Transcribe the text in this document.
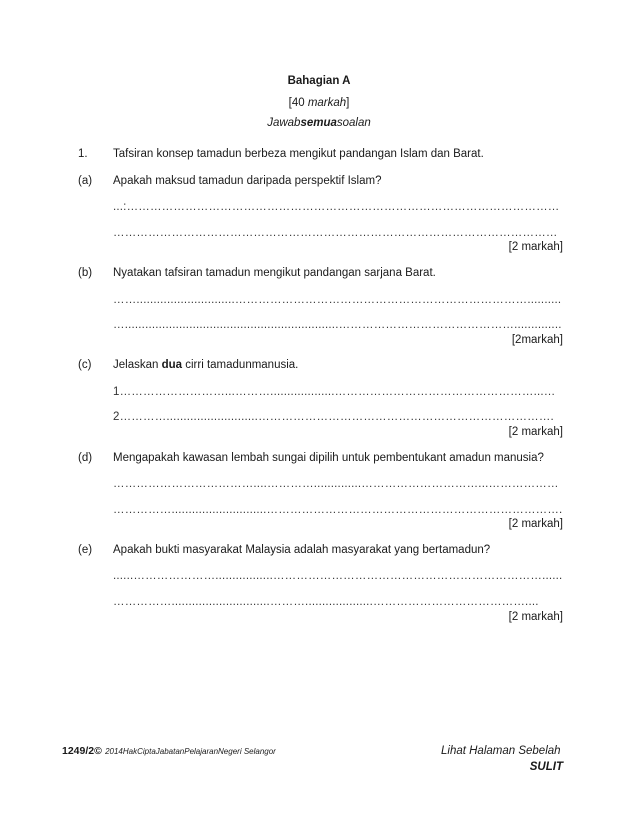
Bahagian A
[40 markah]
Jawabsemuasoalan
1. Tafsiran konsep tamadun berbeza mengikut pandangan Islam dan Barat.
(a) Apakah maksud tamadun daripada perspektif Islam?
...:…………………………………………………………………………………………………
……………………………………………………………………………………………………
[2 markah]
(b) Nyatakan tafsiran tamadun mengikut pandangan sarjana Barat.
…….............................…………………………………………………………………..........
…...............................................................………………………………………..............
[2markah]
(c) Jelaskan dua cirri tamadunmanusia.
1………………………...………...................……………………………………………...…
2…………...........................………………………………………………………………….
[2 markah]
(d) Mengapakah kawasan lembah sungai dipilih untuk pembentukant amadun manusia?
………………………………....…………..............…………………………...………………
……………............................………………………………………………………………….
[2 markah]
(e) Apakah bukti masyarakat Malaysia adalah masyarakat yang bertamadun?
......………………….................……………………………………………………………......
…………….............................………....................…………………………………....
[2 markah]
1249/2© 2014HakCiptaJabatanPelajaranNegeri Selangor	Lihat Halaman Sebelah
SULIT
